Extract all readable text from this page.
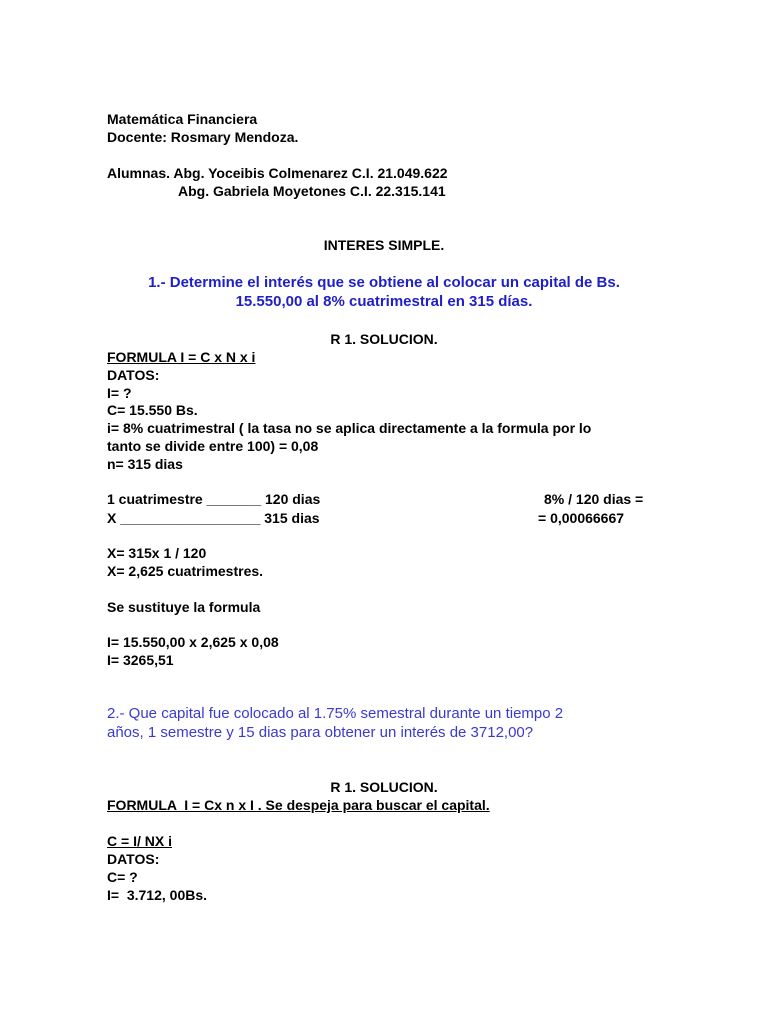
Matemática Financiera

Docente: Rosmary Mendoza.

Alumnas. Abg. Yoceibis Colmenarez C.I. 21.049.622

Abg. Gabriela Moyetones C.I. 22.315.141

INTERES SIMPLE.

1.- Determine el interés que se obtiene al colocar un capital de Bs.

15.550,00 al 8% cuatrimestral en 315 días.

R 1. SOLUCION.

FORMULA I = C x N x i

DATOS:

I= ?

C= 15.550 Bs.

i= 8% cuatrimestral ( la tasa no se aplica directamente a la formula por lo

tanto se divide entre 100) = 0,08

n= 315 dias

1 cuatrimestre _______ 120 dias	8% / 120 dias =

X __________________ 315 dias	= 0,00066667

X= 315x 1 / 120

X= 2,625 cuatrimestres.

Se sustituye la formula

I= 15.550,00 x 2,625 x 0,08

I= 3265,51

2.- Que capital fue colocado al 1.75% semestral durante un tiempo 2

años, 1 semestre y 15 dias para obtener un interés de 3712,00?

R 1. SOLUCION.

FORMULA  I = Cx n x I . Se despeja para buscar el capital.

C = I/ NX i

DATOS:

C= ?

I=  3.712, 00Bs.
